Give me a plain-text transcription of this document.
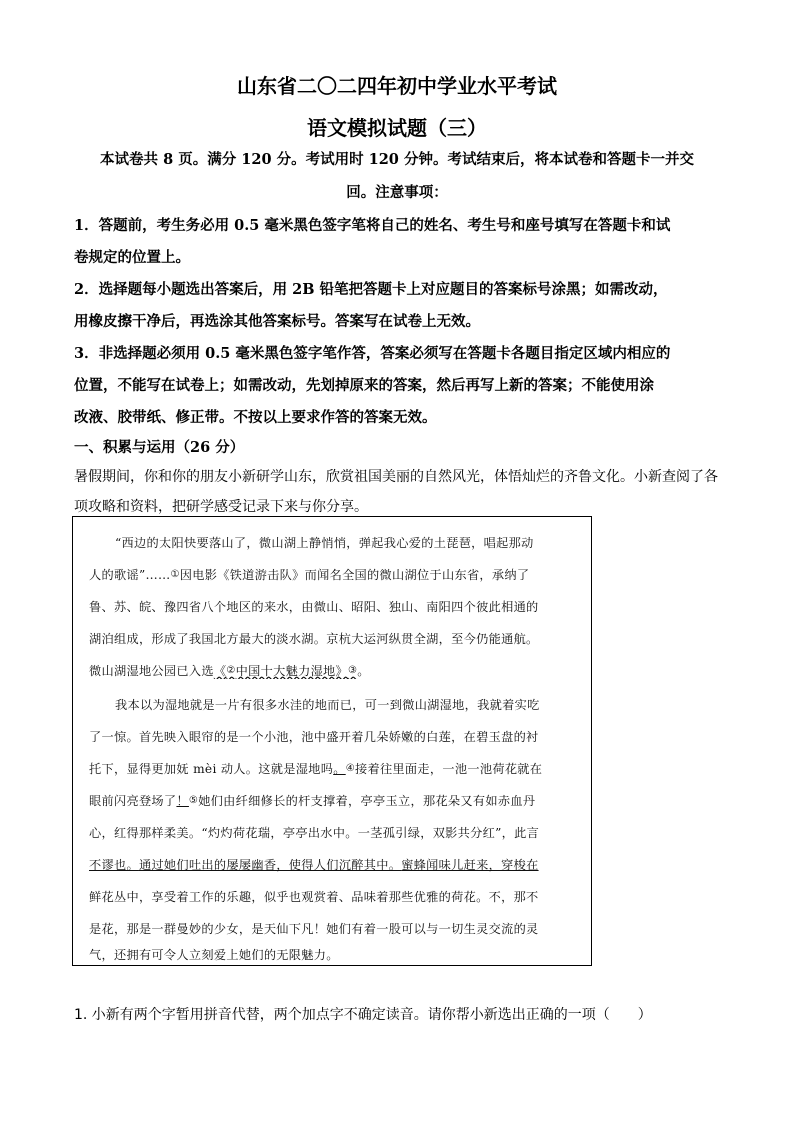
山东省二〇二四年初中学业水平考试
语文模拟试题（三）
本试卷共 8 页。满分 120 分。考试用时 120 分钟。考试结束后，将本试卷和答题卡一并交
回。注意事项：
1．答题前，考生务必用 0.5 毫米黑色签字笔将自己的姓名、考生号和座号填写在答题卡和试
卷规定的位置上。
2．选择题每小题选出答案后，用 2B 铅笔把答题卡上对应题目的答案标号涂黑；如需改动，
用橡皮擦干净后，再选涂其他答案标号。答案写在试卷上无效。
3．非选择题必须用 0.5 毫米黑色签字笔作答，答案必须写在答题卡各题目指定区域内相应的
位置，不能写在试卷上；如需改动，先划掉原来的答案，然后再写上新的答案；不能使用涂
改液、胶带纸、修正带。不按以上要求作答的答案无效。
一、积累与运用（26 分）
暑假期间，你和你的朋友小新研学山东，欣赏祖国美丽的自然风光，体悟灿烂的齐鲁文化。小新查阅了各
项攻略和资料，把研学感受记录下来与你分享。
“西边的太阳快要落山了，微山湖上静悄悄，弹起我心爱的土琵琶，唱起那动
人的歌谣”……①因电影《铁道游击队》而闻名全国的微山湖位于山东省，承纳了
鲁、苏、皖、豫四省八个地区的来水，由微山、昭阳、独山、南阳四个彼此相通的
湖泊组成，形成了我国北方最大的淡水湖。京杭大运河纵贯全湖，至今仍能通航。
微山湖湿地公园已入选《②中国十大魅力湿地》③。
我本以为湿地就是一片有很多水洼的地而已，可一到微山湖湿地，我就着实吃
了一惊。首先映入眼帘的是一个小池，池中盛开着几朵娇嫩的白莲，在碧玉盘的衬
托下，显得更加妩 mèi 动人。这就是湿地吗。④接着往里面走，一池一池荷花就在
眼前闪亮登场了！⑤她们由纤细修长的杆支撑着，亭亭玉立，那花朵又有如赤血丹
心，红得那样柔美。“灼灼荷花瑞，亭亭出水中。一茎孤引绿，双影共分红”，此言
不谬也。通过她们吐出的屡屡幽香，使得人们沉醉其中。蜜蜂闻味儿赶来，穿梭在
鲜花丛中，享受着工作的乐趣，似乎也观赏着、品味着那些优雅的荷花。不，那不
是花，那是一群曼妙的少女，是天仙下凡！她们有着一股可以与一切生灵交流的灵
气，还拥有可令人立刻爱上她们的无限魅力。
1. 小新有两个字暂用拼音代替，两个加点字不确定读音。请你帮小新选出正确的一项（　　）
